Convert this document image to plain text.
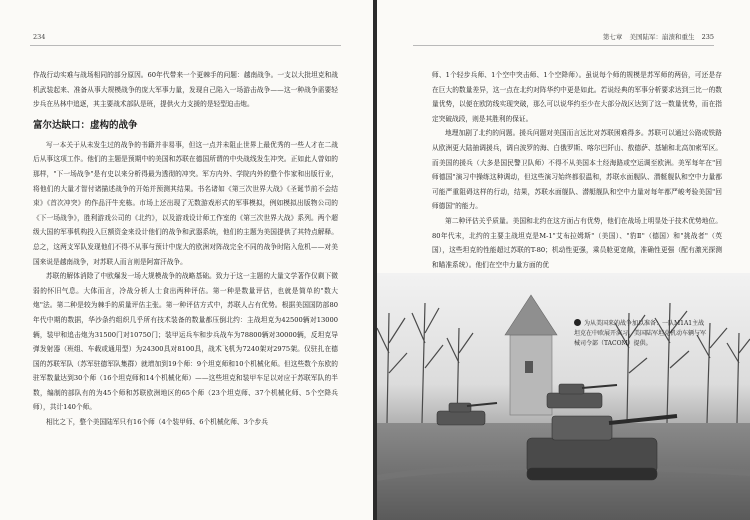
234

作战行动实难与战场相同的部分原因。60年代带来一个更棘手的问题：越南战争。一支以大批坦克和战机武装起来、准备从事大规模战争的庞大军事力量，发现自己陷入一场游击战争——这一种战争需要轻步兵在丛林中追逐，其主要战术部队是班，提供火力支援的是轻型迫击炮。

富尔达缺口：虚构的战争

写一本关于从未发生过的战争的书籍并非易事，但这一点并未阻止世界上最优秀的一些人才在二战后从事这项工作。他们的主题是预期中的美国和苏联在德国所谓的中央战线发生冲突。正如此人曾如的那样，"下一场战争"是有史以来分析得最为透彻的冲突。军方内外、学院内外的整个作家和出版行业，将他们的大量才智付诸描述战争的开始并预测其结果。书名诸如《第三次世界大战》《圣诞节前不会结束》《首次冲突》的作品汗牛充栋。市场上还出现了无数游戏形式的军事模拟，例如模拟出版物公司的《下一场战争》，胜利游戏公司的《北约》，以及游戏设计师工作室的《第三次世界大战》系列。两个超级大国的军事机构投入巨额资金来设计他们的战争和武器系统，他们的主题为美国提供了其特点解释。总之，这两支军队发现他们不得不从事与预计中庞大的欧洲对阵战完全不同的战争时陷入危机——对美国来说是越南战争，对苏联人而言则是阿富汗战争。

苏联的解体消除了中欧爆发一场大规模战争的战略基础。致力于这一主题的大量文学著作仅剩下微弱的怀旧气息。大体而言，冷战分析人士食出两种评估。第一种是数量评估，也就是简单的"数大炮"法。第二种是较为棘手的质量评估主张。第一种评估方式中，苏联人占有优势。根据美国国防部80年代中期的数据，华沙条约组织几乎所有技术装备的数量都压倒北约：主战坦克为42500辆对13000辆，装甲和追击炮为31500门对10750门；装甲运兵车和步兵战车为78800辆对30000辆，反坦克导弹发射器（班组、车载或通用型）为24300具对8100具，战术飞机为7240架对2975架。仅驻扎在德国的苏联军队（苏军驻德军队集群）就增加到19个师：9个坦克师和10个机械化师。但这些数个东欧的驻军数量达到30个师（16个坦克师和14个机械化师）——这些坦克和装甲车足以对应于苏联军队的半数，编制的部队有的为45个师和苏联欧洲地区的65个师（23个坦克师、37个机械化师、5个空降兵师），共计140个师。

相比之下，整个美国陆军只有16个师（4个装甲师、6个机械化师、3个步兵

第七章 美国陆军：崩溃和重生 235

师、1个轻步兵师、1个空中突击师、1个空降师）。虽说每个师的规模是苏军师的两倍，可还是存在巨大的数量差异，这一点在北约对阵华约中更是如此。若说经典的军事分析要求达到三比一的数量优势，以便在欧防线实现突破，那么可以说华约至少在大部分战区达到了这一数量优势，而在指定突破战段，则是其胜利的保证。

地理加剧了北约的问题。援兵问题对美国而言远比对苏联困难得多。苏联可以通过公路或铁路从欧洲更大陆抽调援兵，调自波罗的海、白俄罗斯、喀尔巴阡山、敖德萨、基辅和北高加索军区。而美国的援兵（大多是国民警卫队师）不得不从美国本土经海路或空运调至欧洲。美军每年在"回师德国"演习中操练这种调动，但这些演习始终都很温和，苏联水面舰队、潜艇舰队和空中力量都可能严重阻碍这样的行动，结果，苏联水面舰队、潜艇舰队和空中力量对每年都严峻考验美国"回师德国"的能力。

第二种评估关乎质量。美国和北约在这方面占有优势，他们在战场上明显处于技术优势地位。80年代末，北约的主要主战坦克是M-1"艾布拉姆斯"（美国）、"豹Ⅱ"（德国）和"挑战者"（英国），这些坦克的性能超过苏联的T-80；机动性更强，乘员舱更宽敞，准确性更强（配有激光探测和瞄准系统）。他们在空中力量方面的优

为从美国来的战争加以准备：一队M1A1主战坦克在中欧展开演习。美国陆军坦克机动车辆与军械司令部（TACOM）提供。
